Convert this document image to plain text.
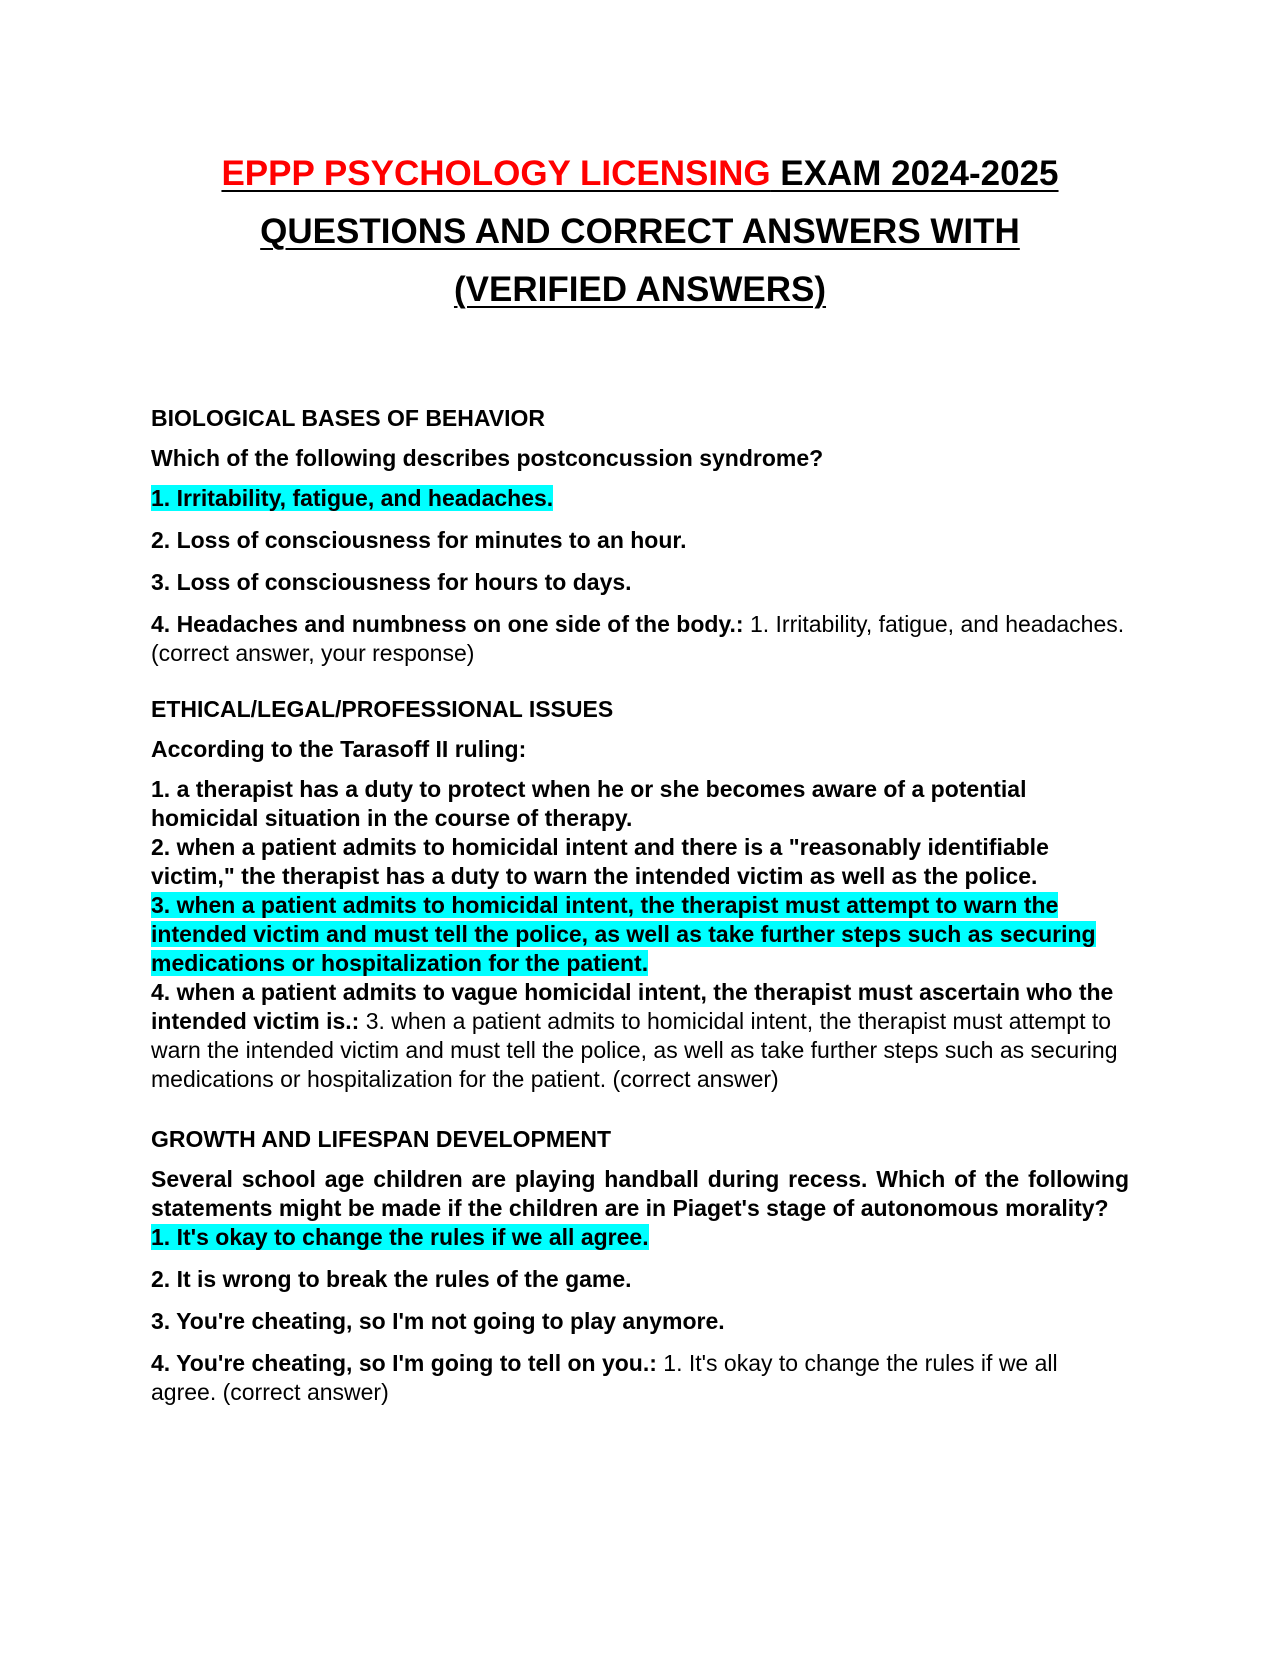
EPPP PSYCHOLOGY LICENSING EXAM 2024-2025
QUESTIONS AND CORRECT ANSWERS WITH
(VERIFIED ANSWERS)
BIOLOGICAL BASES OF BEHAVIOR
Which of the following describes postconcussion syndrome?
1. Irritability, fatigue, and headaches.
2. Loss of consciousness for minutes to an hour.
3. Loss of consciousness for hours to days.
4. Headaches and numbness on one side of the body.: 1. Irritability, fatigue, and headaches. (correct answer, your response)
ETHICAL/LEGAL/PROFESSIONAL ISSUES
According to the Tarasoff II ruling:
1. a therapist has a duty to protect when he or she becomes aware of a potential homicidal situation in the course of therapy.
2. when a patient admits to homicidal intent and there is a "reasonably identifiable victim," the therapist has a duty to warn the intended victim as well as the police.
3. when a patient admits to homicidal intent, the therapist must attempt to warn the intended victim and must tell the police, as well as take further steps such as securing medications or hospitalization for the patient.
4. when a patient admits to vague homicidal intent, the therapist must ascertain who the intended victim is.: 3. when a patient admits to homicidal intent, the therapist must attempt to warn the intended victim and must tell the police, as well as take further steps such as securing medications or hospitalization for the patient. (correct answer)
GROWTH AND LIFESPAN DEVELOPMENT
Several school age children are playing handball during recess. Which of the following statements might be made if the children are in Piaget's stage of autonomous morality?
1. It's okay to change the rules if we all agree.
2. It is wrong to break the rules of the game.
3. You're cheating, so I'm not going to play anymore.
4. You're cheating, so I'm going to tell on you.: 1. It's okay to change the rules if we all agree. (correct answer)
